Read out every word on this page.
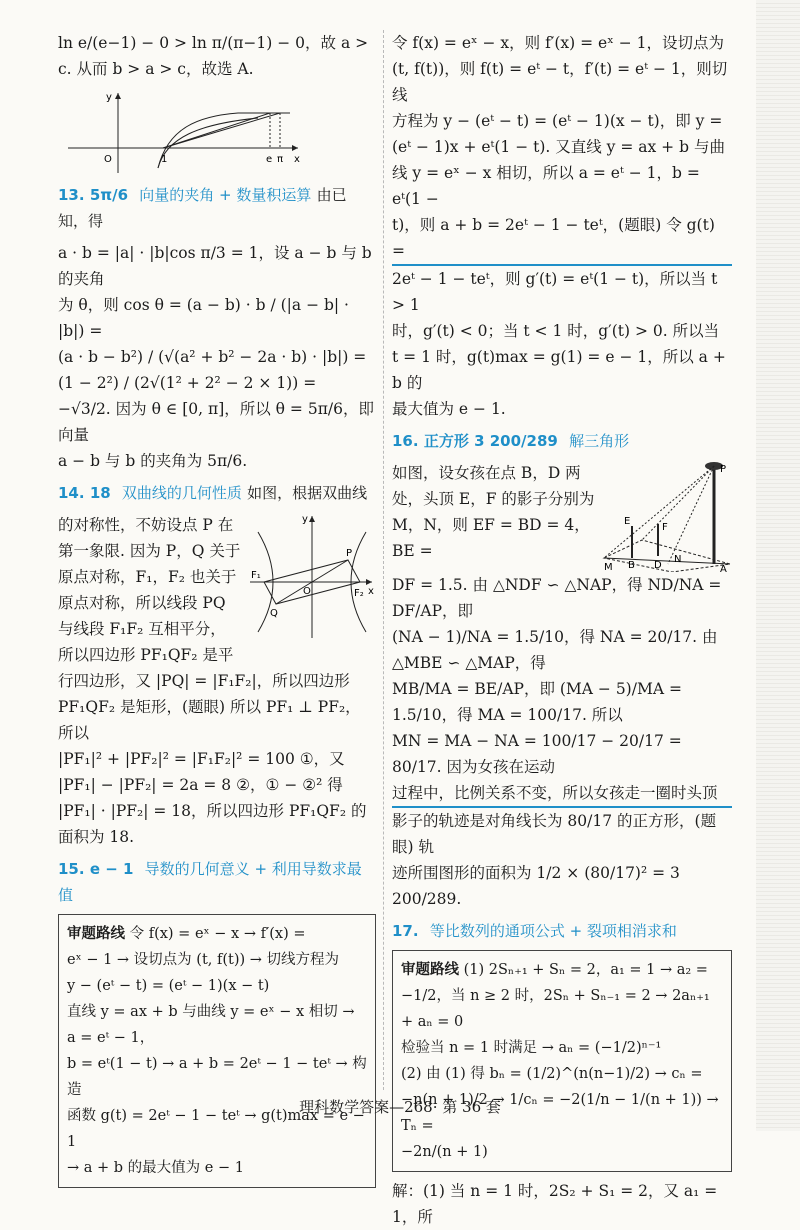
ln e/(e−1) − 0 > ln π/(π−1) − 0，故 a > c. 从而 b > a > c，故选 A.

y
O	1	e π x
13. 5π/6 向量的夹角 + 数量积运算 由已知，得

a · b = |a| · |b|cos π/3 = 1，设 a − b 与 b 的夹角

为 θ，则 cos θ = (a − b) · b / (|a − b| · |b|) =

(a · b − b²) / (√(a² + b² − 2a · b) · |b|) = (1 − 2²) / (2√(1² + 2² − 2 × 1)) =

−√3/2. 因为 θ ∈ [0, π]，所以 θ = 5π/6，即向量

a − b 与 b 的夹角为 5π/6.

14. 18 双曲线的几何性质 如图，根据双曲线
y
P
Q
F₁
F₂
O	x

的对称性，不妨设点 P 在

第一象限. 因为 P，Q 关于

原点对称，F₁，F₂ 也关于

原点对称，所以线段 PQ

与线段 F₁F₂ 互相平分，

所以四边形 PF₁QF₂ 是平

行四边形，又 |PQ| = |F₁F₂|，所以四边形

PF₁QF₂ 是矩形，(题眼) 所以 PF₁ ⊥ PF₂，所以

|PF₁|² + |PF₂|² = |F₁F₂|² = 100 ①，又

|PF₁| − |PF₂| = 2a = 8 ②，① − ②² 得

|PF₁| · |PF₂| = 18，所以四边形 PF₁QF₂ 的

面积为 18.

15. e − 1 导数的几何意义 + 利用导数求最值

审题路线 令 f(x) = eˣ − x → f′(x) =

eˣ − 1 → 设切点为 (t, f(t)) → 切线方程为

y − (eᵗ − t) = (eᵗ − 1)(x − t)

直线 y = ax + b 与曲线 y = eˣ − x 相切 → a = eᵗ − 1，

b = eᵗ(1 − t) → a + b = 2eᵗ − 1 − teᵗ → 构造

函数 g(t) = 2eᵗ − 1 − teᵗ → g(t)max = e − 1

→ a + b 的最大值为 e − 1

令 f(x) = eˣ − x，则 f′(x) = eˣ − 1，设切点为

(t, f(t))，则 f(t) = eᵗ − t，f′(t) = eᵗ − 1，则切线

方程为 y − (eᵗ − t) = (eᵗ − 1)(x − t)，即 y =

(eᵗ − 1)x + eᵗ(1 − t). 又直线 y = ax + b 与曲

线 y = eˣ − x 相切，所以 a = eᵗ − 1，b = eᵗ(1 −

t)，则 a + b = 2eᵗ − 1 − teᵗ，(题眼) 令 g(t) =

2eᵗ − 1 − teᵗ，则 g′(t) = eᵗ(1 − t)，所以当 t > 1

时，g′(t) < 0；当 t < 1 时，g′(t) > 0. 所以当

t = 1 时，g(t)max = g(1) = e − 1，所以 a + b 的

最大值为 e − 1.

16. 正方形 3 200/289 解三角形
P
E
F
B D	A
M
N

如图，设女孩在点 B，D 两

处，头顶 E，F 的影子分别为

M，N，则 EF = BD = 4，BE =

DF = 1.5. 由 △NDF ∽ △NAP，得 ND/NA = DF/AP，即

(NA − 1)/NA = 1.5/10，得 NA = 20/17. 由 △MBE ∽ △MAP，得

MB/MA = BE/AP，即 (MA − 5)/MA = 1.5/10，得 MA = 100/17. 所以

MN = MA − NA = 100/17 − 20/17 = 80/17. 因为女孩在运动

过程中，比例关系不变，所以女孩走一圈时头顶

影子的轨迹是对角线长为 80/17 的正方形，(题眼) 轨

迹所围图形的面积为 1/2 × (80/17)² = 3 200/289.

17. 等比数列的通项公式 + 裂项相消求和

审题路线 (1) 2Sₙ₊₁ + Sₙ = 2，a₁ = 1 → a₂ =

−1/2，当 n ≥ 2 时，2Sₙ + Sₙ₋₁ = 2 → 2aₙ₊₁ + aₙ = 0

检验当 n = 1 时满足 → aₙ = (−1/2)ⁿ⁻¹

(2) 由 (1) 得 bₙ = (1/2)^(n(n−1)/2) → cₙ =

−n(n + 1)/2 → 1/cₙ = −2(1/n − 1/(n + 1)) → Tₙ =

−2n/(n + 1)

解：(1) 当 n = 1 时，2S₂ + S₁ = 2，又 a₁ = 1，所

理科数学答案—268· 第 36 套
